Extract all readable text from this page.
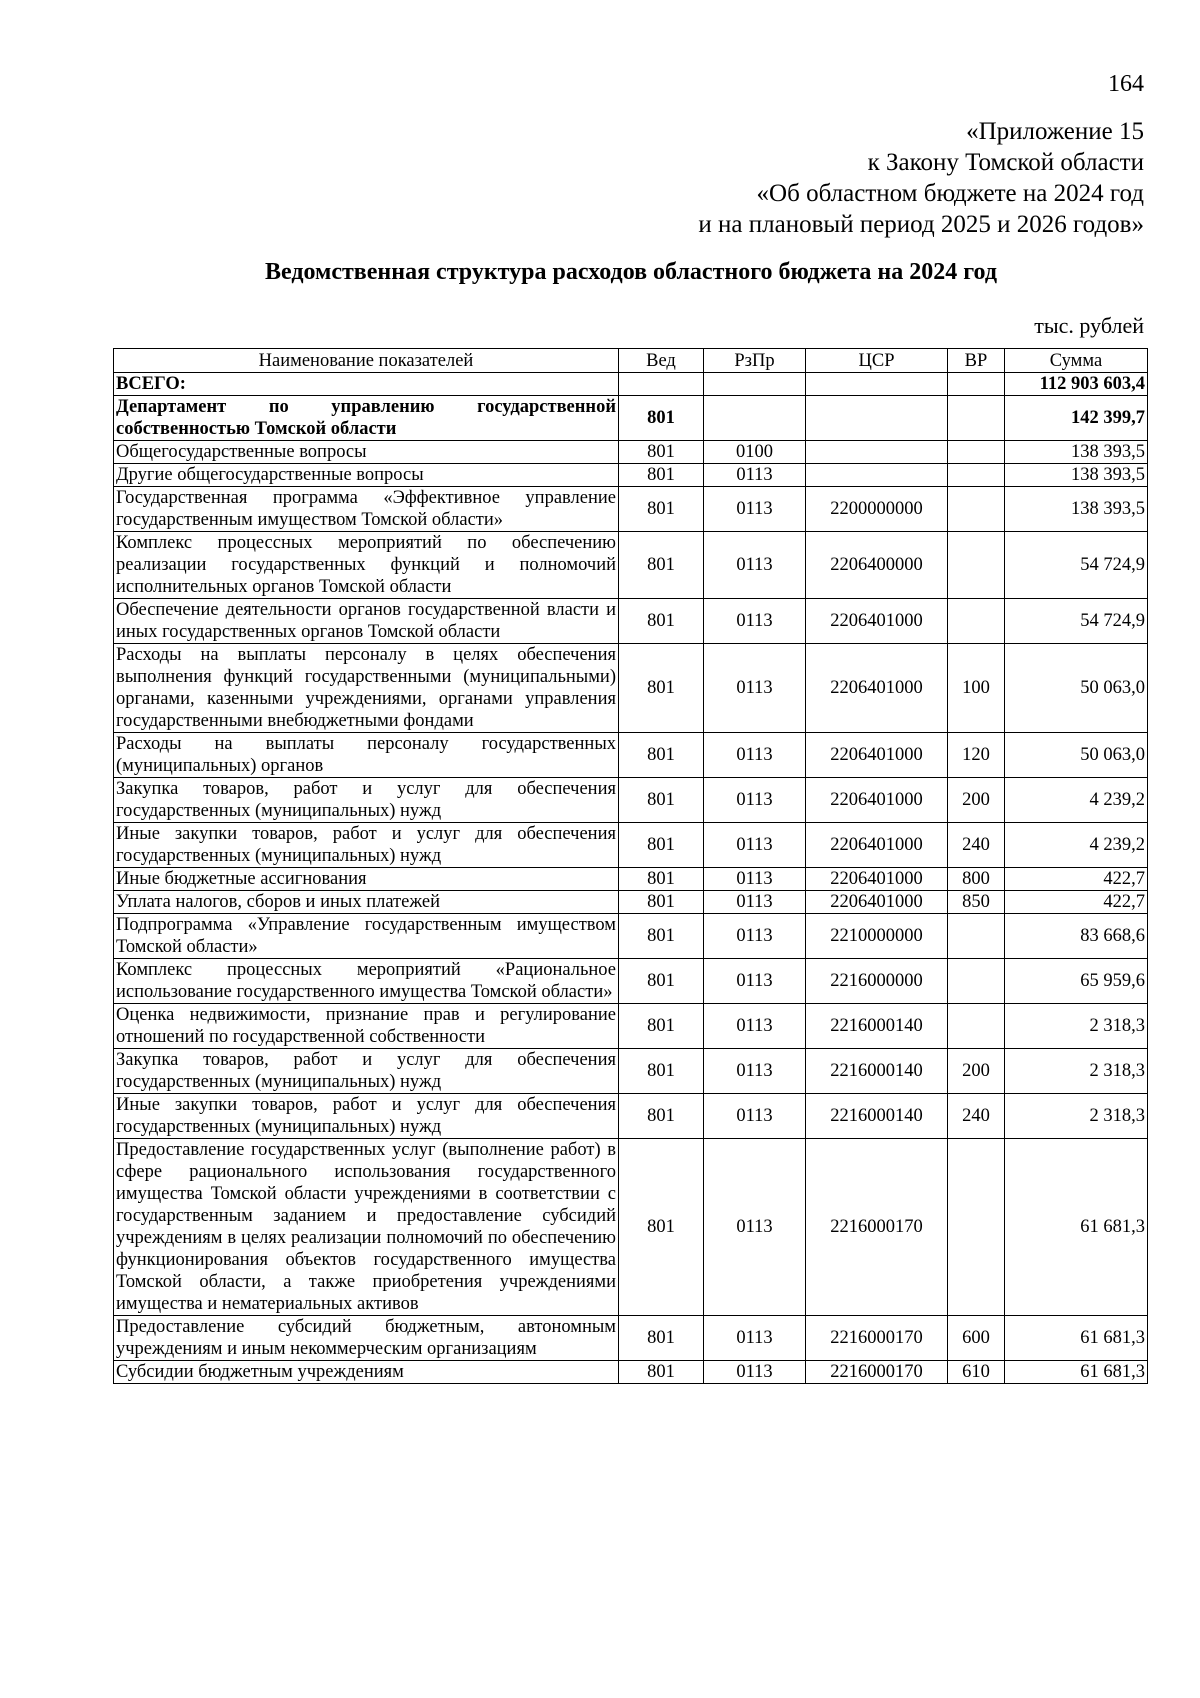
164
«Приложение 15
к Закону Томской области
«Об областном бюджете на 2024 год
и на плановый период 2025 и 2026 годов»
Ведомственная структура расходов областного бюджета на 2024 год
тыс. рублей
Наименование показателей	Вед	РзПр	ЦСР	ВР	Сумма
ВСЕГО:					112 903 603,4
Департамент по управлению государственной собственностью Томской области	801				142 399,7
Общегосударственные вопросы	801	0100			138 393,5
Другие общегосударственные вопросы	801	0113			138 393,5
Государственная программа «Эффективное управление государственным имуществом Томской области»	801	0113	2200000000		138 393,5
Комплекс процессных мероприятий по обеспечению реализации государственных функций и полномочий исполнительных органов Томской области	801	0113	2206400000		54 724,9
Обеспечение деятельности органов государственной власти и иных государственных органов Томской области	801	0113	2206401000		54 724,9
Расходы на выплаты персоналу в целях обеспечения выполнения функций государственными (муниципальными) органами, казенными учреждениями, органами управления государственными внебюджетными фондами	801	0113	2206401000	100	50 063,0
Расходы на выплаты персоналу государственных (муниципальных) органов	801	0113	2206401000	120	50 063,0
Закупка товаров, работ и услуг для обеспечения государственных (муниципальных) нужд	801	0113	2206401000	200	4 239,2
Иные закупки товаров, работ и услуг для обеспечения государственных (муниципальных) нужд	801	0113	2206401000	240	4 239,2
Иные бюджетные ассигнования	801	0113	2206401000	800	422,7
Уплата налогов, сборов и иных платежей	801	0113	2206401000	850	422,7
Подпрограмма «Управление государственным имуществом Томской области»	801	0113	2210000000		83 668,6
Комплекс процессных мероприятий «Рациональное использование государственного имущества Томской области»	801	0113	2216000000		65 959,6
Оценка недвижимости, признание прав и регулирование отношений по государственной собственности	801	0113	2216000140		2 318,3
Закупка товаров, работ и услуг для обеспечения государственных (муниципальных) нужд	801	0113	2216000140	200	2 318,3
Иные закупки товаров, работ и услуг для обеспечения государственных (муниципальных) нужд	801	0113	2216000140	240	2 318,3
Предоставление государственных услуг (выполнение работ) в сфере рационального использования государственного имущества Томской области учреждениями в соответствии с государственным заданием и предоставление субсидий учреждениям в целях реализации полномочий по обеспечению функционирования объектов государственного имущества Томской области, а также приобретения учреждениями имущества и нематериальных активов	801	0113	2216000170		61 681,3
Предоставление субсидий бюджетным, автономным учреждениям и иным некоммерческим организациям	801	0113	2216000170	600	61 681,3
Субсидии бюджетным учреждениям	801	0113	2216000170	610	61 681,3
